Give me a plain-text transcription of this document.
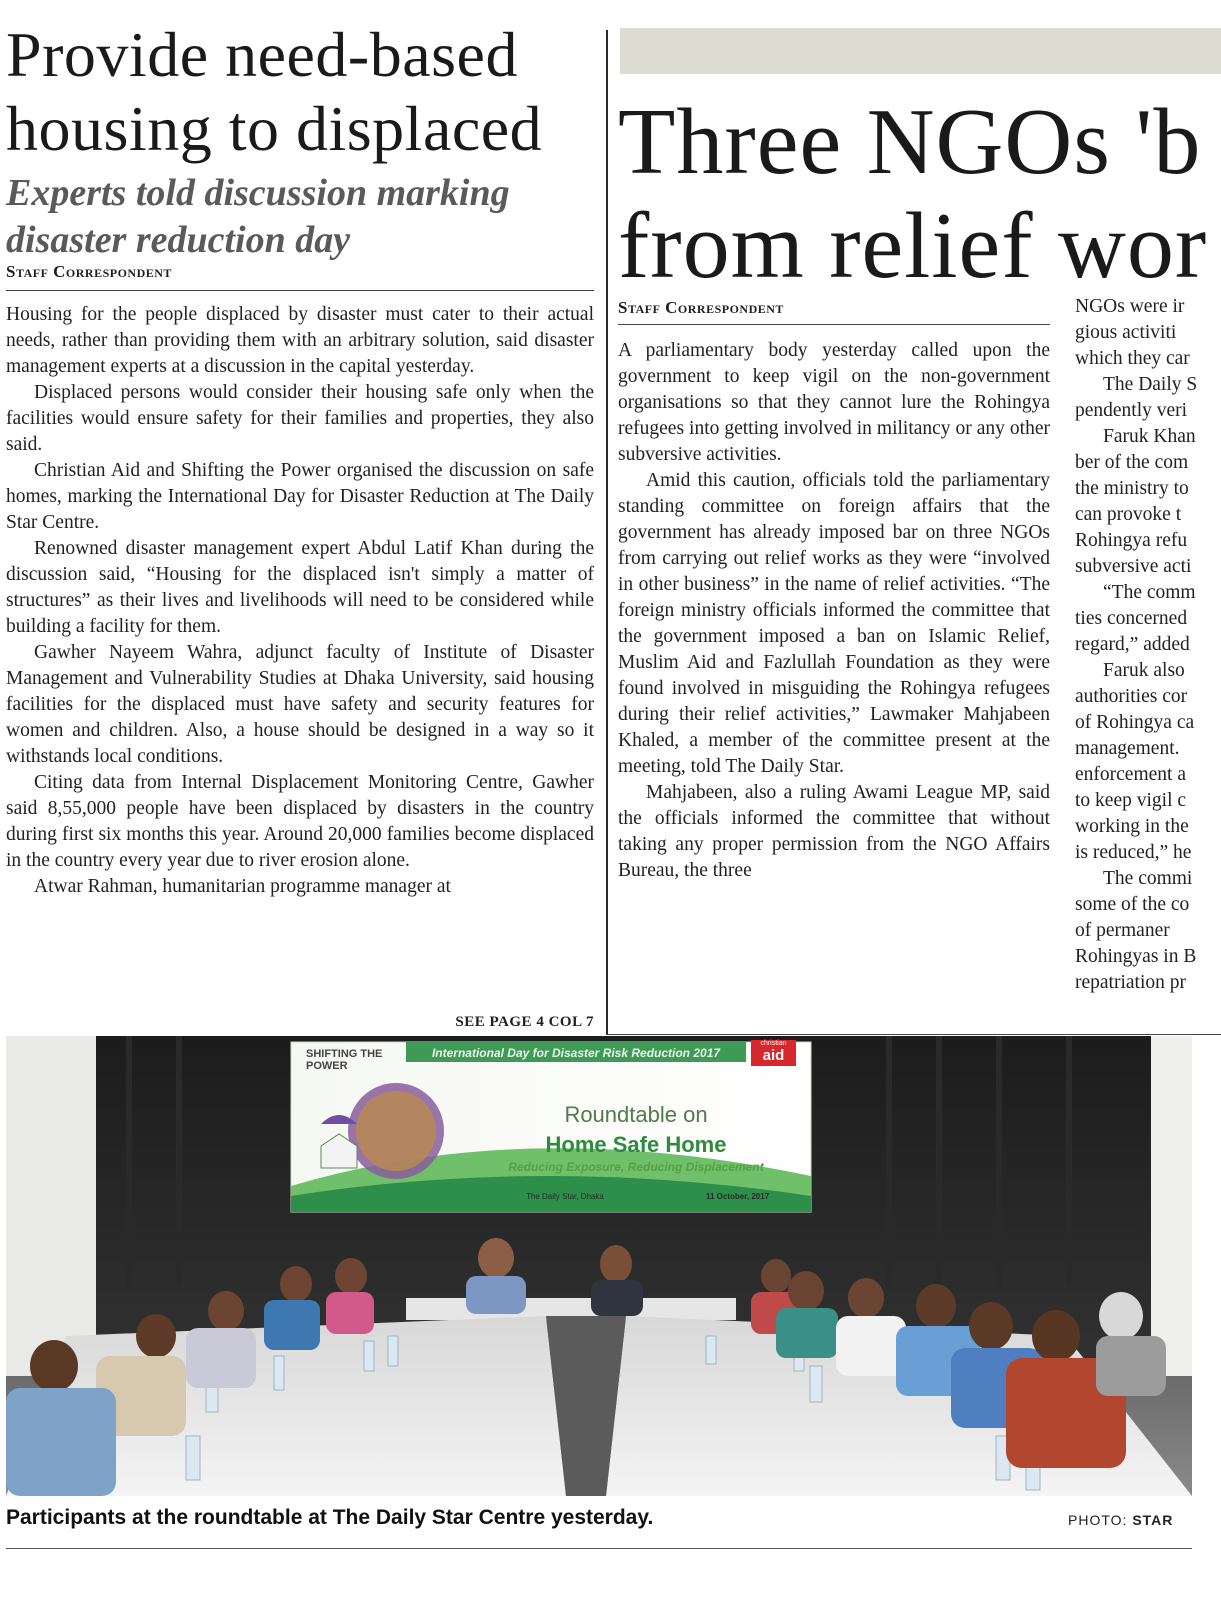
Provide need-based
housing to displaced
Experts told discussion marking
disaster reduction day
Staff Correspondent

Housing for the people displaced by disaster must cater to their actual needs, rather than providing them with an arbitrary solution, said disaster management experts at a discussion in the capital yesterday.

Displaced persons would consider their housing safe only when the facilities would ensure safety for their families and properties, they also said.

Christian Aid and Shifting the Power organised the discussion on safe homes, marking the International Day for Disaster Reduction at The Daily Star Centre.

Renowned disaster management expert Abdul Latif Khan during the discussion said, “Housing for the displaced isn't simply a matter of structures” as their lives and livelihoods will need to be considered while building a facility for them.

Gawher Nayeem Wahra, adjunct faculty of Institute of Disaster Management and Vulnerability Studies at Dhaka University, said housing facilities for the displaced must have safety and security features for women and children. Also, a house should be designed in a way so it withstands local conditions.

Citing data from Internal Displacement Monitoring Centre, Gawher said 8,55,000 people have been displaced by disasters in the country during first six months this year. Around 20,000 families become displaced in the country every year due to river erosion alone.

Atwar Rahman, humanitarian programme manager at

SEE PAGE 4 COL 7
Three NGOs 'b
from relief wor
Staff Correspondent

A parliamentary body yesterday called upon the government to keep vigil on the non-government organisations so that they cannot lure the Rohingya refugees into getting involved in militancy or any other subversive activities.

Amid this caution, officials told the parliamentary standing committee on foreign affairs that the government has already imposed bar on three NGOs from carrying out relief works as they were “involved in other business” in the name of relief activities. “The foreign ministry officials informed the committee that the government imposed a ban on Islamic Relief, Muslim Aid and Fazlullah Foundation as they were found involved in misguiding the Rohingya refugees during their relief activities,” Lawmaker Mahjabeen Khaled, a member of the committee present at the meeting, told The Daily Star.

Mahjabeen, also a ruling Awami League MP, said the officials informed the committee that without taking any proper permission from the NGO Affairs Bureau, the three

NGOs were ir
gious activiti
which they car
The Daily S
pendently veri
Faruk Khan
ber of the com
the ministry to
can provoke t
Rohingya refu
subversive acti
“The comm
ties concerned
regard,” added
Faruk also
authorities cor
of Rohingya ca
management.
enforcement a
to keep vigil c
working in the
is reduced,” he
The commi
some of the co
of permaner
Rohingyas in B
repatriation pr
SHIFTING THE POWER
International Day for Disaster Risk Reduction 2017
christian
aid
Roundtable on
Home Safe Home
Reducing Exposure, Reducing Displacement
The Daily Star, Dhaka	11 October, 2017
Participants at the roundtable at The Daily Star Centre yesterday.	PHOTO: STAR
